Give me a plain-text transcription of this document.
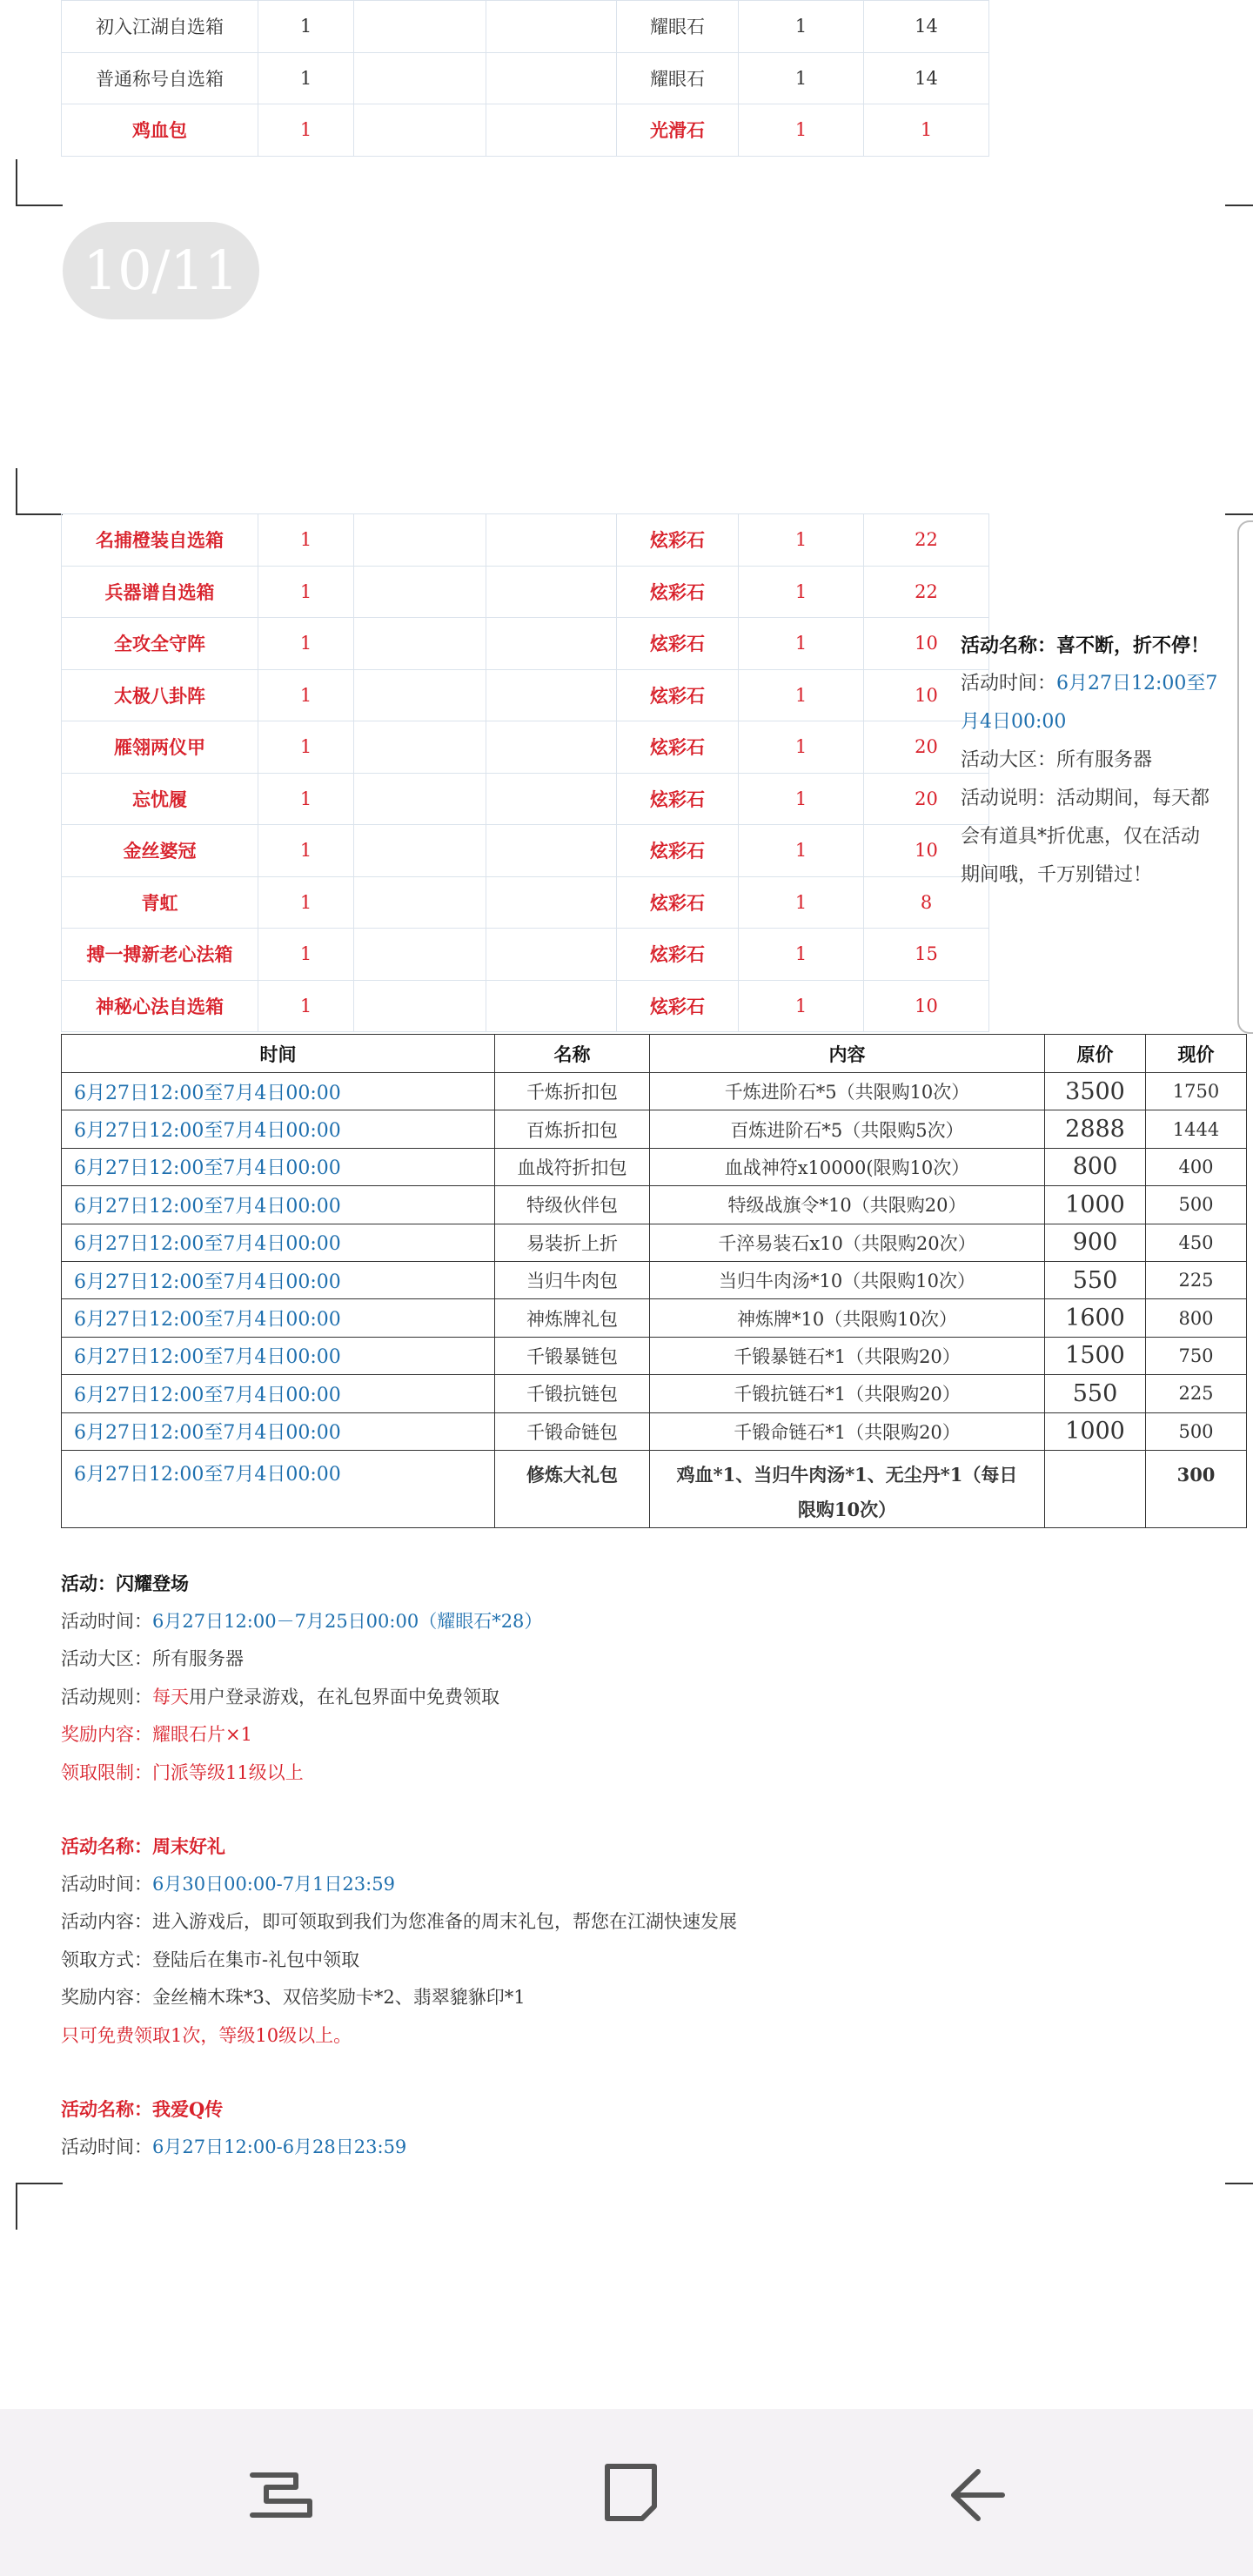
初入江湖自选箱	1			耀眼石	1	14
普通称号自选箱	1			耀眼石	1	14
鸡血包	1			光滑石	1	1
10/11
名捕橙装自选箱	1			炫彩石	1	22
兵器谱自选箱	1			炫彩石	1	22
全攻全守阵	1			炫彩石	1	10
太极八卦阵	1			炫彩石	1	10
雁翎两仪甲	1			炫彩石	1	20
忘忧履	1			炫彩石	1	20
金丝婆冠	1			炫彩石	1	10
青虹	1			炫彩石	1	8
搏一搏新老心法箱	1			炫彩石	1	15
神秘心法自选箱	1			炫彩石	1	10
活动名称：喜不断，折不停！
活动时间：6月27日12:00至7
月4日00:00
活动大区：所有服务器
活动说明：活动期间，每天都
会有道具*折优惠，仅在活动
期间哦，千万别错过！
时间	名称	内容	原价	现价
6月27日12:00至7月4日00:00	千炼折扣包	千炼进阶石*5（共限购10次）	3500	1750
6月27日12:00至7月4日00:00	百炼折扣包	百炼进阶石*5（共限购5次）	2888	1444
6月27日12:00至7月4日00:00	血战符折扣包	血战神符x10000(限购10次）	800	400
6月27日12:00至7月4日00:00	特级伙伴包	特级战旗令*10（共限购20）	1000	500
6月27日12:00至7月4日00:00	易装折上折	千淬易装石x10（共限购20次）	900	450
6月27日12:00至7月4日00:00	当归牛肉包	当归牛肉汤*10（共限购10次）	550	225
6月27日12:00至7月4日00:00	神炼牌礼包	神炼牌*10（共限购10次）	1600	800
6月27日12:00至7月4日00:00	千锻暴链包	千锻暴链石*1（共限购20）	1500	750
6月27日12:00至7月4日00:00	千锻抗链包	千锻抗链石*1（共限购20）	550	225
6月27日12:00至7月4日00:00	千锻命链包	千锻命链石*1（共限购20）	1000	500
6月27日12:00至7月4日00:00	修炼大礼包	鸡血*1、当归牛肉汤*1、无尘丹*1（每日
限购10次）		300
活动：闪耀登场
活动时间：6月27日12:00－7月25日00:00（耀眼石*28）
活动大区：所有服务器
活动规则：每天用户登录游戏，在礼包界面中免费领取
奖励内容：耀眼石片×1
领取限制：门派等级11级以上
活动名称：周末好礼
活动时间：6月30日00:00-7月1日23:59
活动内容：进入游戏后，即可领取到我们为您准备的周末礼包，帮您在江湖快速发展
领取方式：登陆后在集市-礼包中领取
奖励内容：金丝楠木珠*3、双倍奖励卡*2、翡翠貔貅印*1
只可免费领取1次，等级10级以上。
活动名称：我爱Q传
活动时间：6月27日12:00-6月28日23:59
